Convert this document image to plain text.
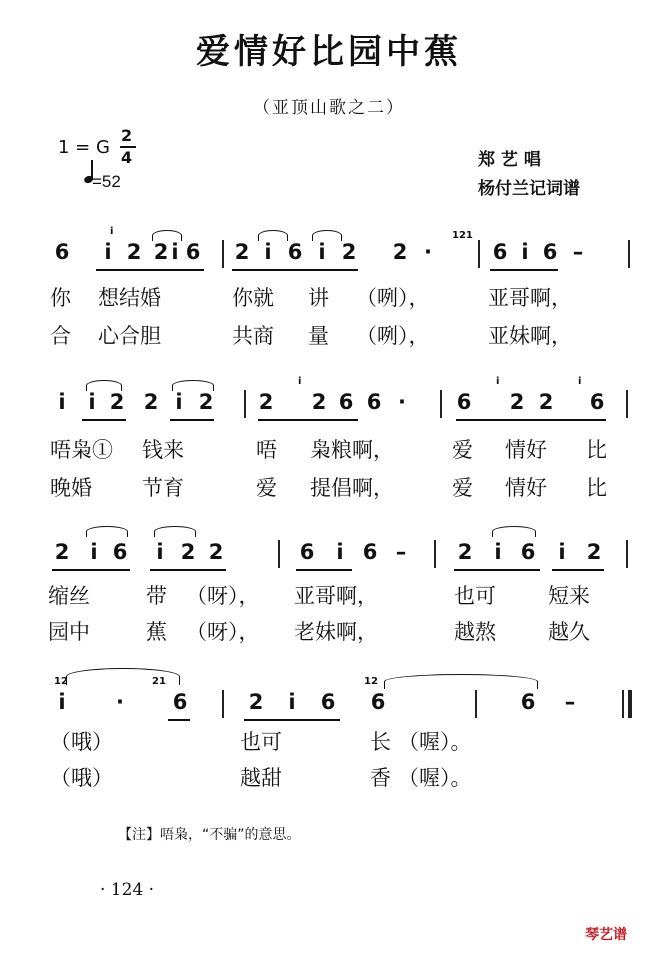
爱情好比园中蕉
（亚顶山歌之二）
1 = G
2
4
=52
郑 艺 唱
杨付兰记词谱
6 i 2 2 i 6 2 i 6 i 2 2 ·	6 i 6 –
i	121
你 想结婚	你就 讲 （咧），	亚哥啊，
合 心合胆	共商 量 （咧），	亚妹啊，
i i 2 2 i 2 2 2 6 6 · 6 2 2 6
i	i	i
唔枭① 钱来	唔 枭粮啊，	爱 情好 比
晚婚 节育	爱 提倡啊，	爱 情好 比
2 i 6 i 2 2	6 i 6 – 2 i 6 i 2
缩丝	带 （呀）， 亚哥啊，	也可 短来
园中	蕉 （呀）， 老妹啊，	越熬 越久
i · 6	2 i 6 6	6 –
12	21	12
（哦）	也可	长 （喔）。
（哦）	越甜	香 （喔）。
【注】唔枭，“不骗”的意思。
· 124 ·
琴艺谱
